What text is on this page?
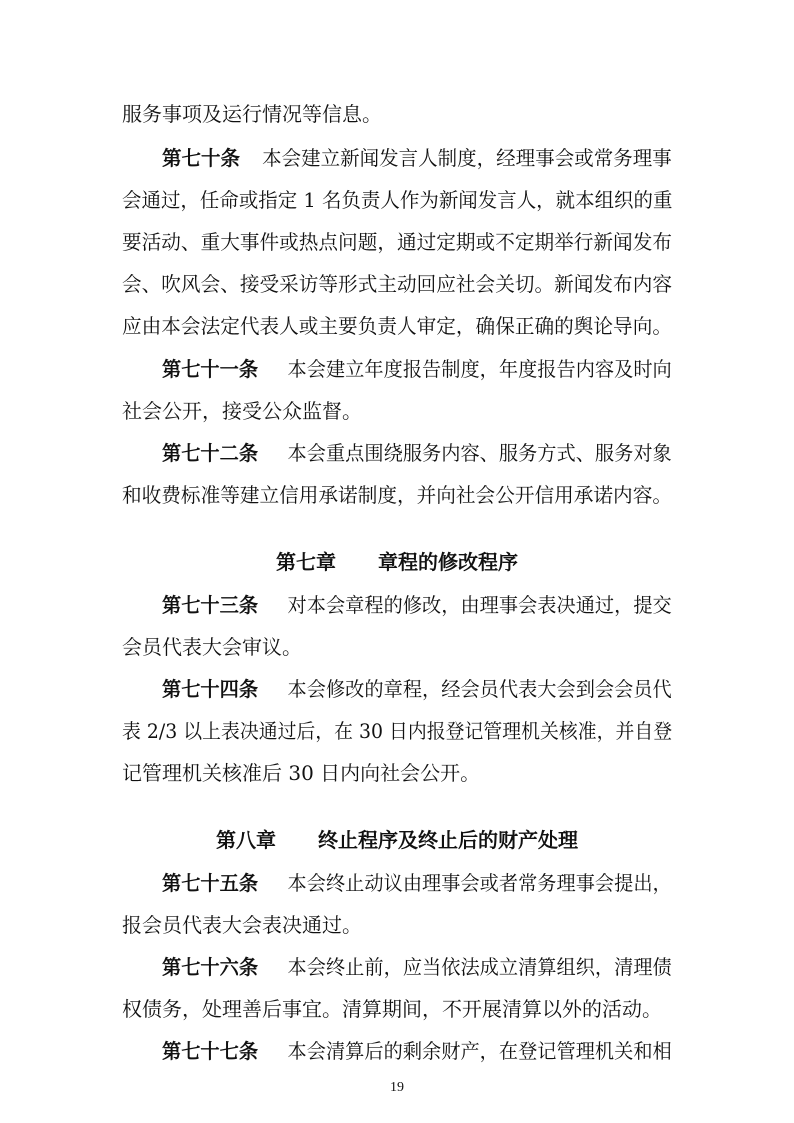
服务事项及运行情况等信息。
第七十条 本会建立新闻发言人制度，经理事会或常务理事
会通过，任命或指定 1 名负责人作为新闻发言人，就本组织的重
要活动、重大事件或热点问题，通过定期或不定期举行新闻发布
会、吹风会、接受采访等形式主动回应社会关切。新闻发布内容
应由本会法定代表人或主要负责人审定，确保正确的舆论导向。
第七十一条 本会建立年度报告制度，年度报告内容及时向
社会公开，接受公众监督。
第七十二条 本会重点围绕服务内容、服务方式、服务对象
和收费标准等建立信用承诺制度，并向社会公开信用承诺内容。
第七章 章程的修改程序
第七十三条 对本会章程的修改，由理事会表决通过，提交
会员代表大会审议。
第七十四条 本会修改的章程，经会员代表大会到会会员代
表 2/3 以上表决通过后，在 30 日内报登记管理机关核准，并自登
记管理机关核准后 30 日内向社会公开。
第八章 终止程序及终止后的财产处理
第七十五条 本会终止动议由理事会或者常务理事会提出，
报会员代表大会表决通过。
第七十六条 本会终止前，应当依法成立清算组织，清理债
权债务，处理善后事宜。清算期间，不开展清算以外的活动。
第七十七条 本会清算后的剩余财产，在登记管理机关和相
19
